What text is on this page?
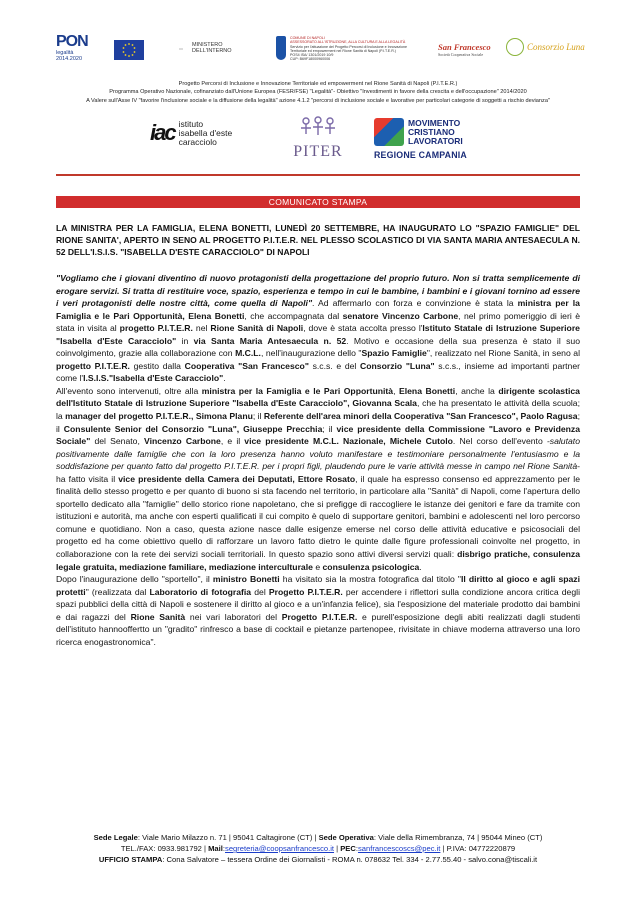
PON
legalità
2014.2020
MINISTERO
DELL'INTERNO
COMUNE DI NAPOLI
ASSESSORATO ALL'ISTRUZIONE, ALLA CULTURA E ALLA LEGALITÀ
Servizio per l'attuazione del Progetto Percorsi di Inclusione e Innovazione
Territoriale ed empowerment nel Rione Sanità di Napoli (P.I.T.E.R.)
POS4 ISA/ 1301/2019 10/9
CUP: B69F18000960006
San Francesco
Società Cooperativa Sociale
Consorzio Luna
Progetto Percorsi di Inclusione e Innovazione Territoriale ed empowerment nel Rione Sanità di Napoli (P.I.T.E.R.)
Programma Operativo Nazionale, cofinanziato dall'Unione Europea (FESR/FSE) "Legalità"- Obiettivo "Investimenti in favore della crescita e dell'occupazione" 2014/2020
A Valere sull'Asse IV "favorire l'inclusione sociale e la diffusione della legalità" azione 4.1.2 "percorsi di inclusione sociale e lavorative per particolari categorie di soggetti a rischio devianza"
iac istituto
isabella d'este
caracciolo
PITER
MOVIMENTO
CRISTIANO
LAVORATORI
REGIONE CAMPANIA
COMUNICATO STAMPA
LA MINISTRA PER LA FAMIGLIA, ELENA BONETTI, LUNEDÌ 20 SETTEMBRE, HA INAUGURATO LO "SPAZIO FAMIGLIE" DEL RIONE SANITA', APERTO IN SENO AL PROGETTO P.I.T.E.R. NEL PLESSO SCOLASTICO DI VIA SANTA MARIA ANTESAECULA N. 52 DELL'I.S.I.S. "ISABELLA D'ESTE CARACCIOLO" DI NAPOLI

"Vogliamo che i giovani diventino di nuovo protagonisti della progettazione del proprio futuro. Non si tratta semplicemente di erogare servizi. Si tratta di restituire voce, spazio, esperienza e tempo in cui le bambine, i bambini e i giovani tornino ad essere i veri protagonisti delle nostre città, come quella di Napoli". Ad affermarlo con forza e convinzione è stata la ministra per la Famiglia e le Pari Opportunità, Elena Bonetti, che accompagnata dal senatore Vincenzo Carbone, nel primo pomeriggio di ieri è stata in visita al progetto P.I.T.E.R. nel Rione Sanità di Napoli, dove è stata accolta presso l'Istituto Statale di Istruzione Superiore "Isabella d'Este Caracciolo" in via Santa Maria Antesaecula n. 52. Motivo e occasione della sua presenza è stato il suo coinvolgimento, grazie alla collaborazione con M.C.L., nell'inaugurazione dello "Spazio Famiglie", realizzato nel Rione Sanità, in seno al progetto P.I.T.E.R. gestito dalla Cooperativa "San Francesco" s.c.s. e del Consorzio "Luna" s.c.s., insieme ad importanti partner come l'I.S.I.S."Isabella d'Este Caracciolo".

All'evento sono intervenuti, oltre alla ministra per la Famiglia e le Pari Opportunità, Elena Bonetti, anche la dirigente scolastica dell'Istituto Statale di Istruzione Superiore "Isabella d'Este Caracciolo", Giovanna Scala, che ha presentato le attività della scuola; la manager del progetto P.I.T.E.R., Simona Planu; il Referente dell'area minori della Cooperativa "San Francesco", Paolo Ragusa; il Consulente Senior del Consorzio "Luna", Giuseppe Precchia; il vice presidente della Commissione "Lavoro e Previdenza Sociale" del Senato, Vincenzo Carbone, e il vice presidente M.C.L. Nazionale, Michele Cutolo. Nel corso dell'evento -salutato positivamente dalle famiglie che con la loro presenza hanno voluto manifestare e testimoniare personalmente l'entusiasmo e la soddisfazione per quanto fatto dal progetto P.I.T.E.R. per i propri figli, plaudendo pure le varie attività messe in campo nel Rione Sanità- ha fatto visita il vice presidente della Camera dei Deputati, Ettore Rosato, il quale ha espresso consenso ed apprezzamento per le finalità dello stesso progetto e per quanto di buono si sta facendo nel territorio, in particolare alla "Sanità" di Napoli, come l'apertura dello sportello dedicato alla "famiglie" dello storico rione napoletano, che si prefigge di raccogliere le istanze dei genitori e fare da tramite con istituzioni e autorità, ma anche con esperti qualificati il cui compito è quelo di supportare genitori, bambini e adolescenti nel loro percorso comune e quotidiano. Non a caso, questa azione nasce dalle esigenze emerse nel corso delle attività educative e psicosociali del progetto ed ha come obiettivo quello di rafforzare un lavoro fatto dietro le quinte dalle figure professionali coinvolte nel progetto, in collaborazione con la rete dei servizi sociali territoriali. In questo spazio sono attivi diversi servizi quali: disbrigo pratiche, consulenza legale gratuita, mediazione familiare, mediazione interculturale e consulenza psicologica.

Dopo l'inaugurazione dello "sportello", il ministro Bonetti ha visitato sia la mostra fotografica dal titolo "Il diritto al gioco e agli spazi protetti" (realizzata dal Laboratorio di fotografia del Progetto P.I.T.E.R. per accendere i riflettori sulla condizione ancora critica degli spazi pubblici della città di Napoli e sostenere il diritto al gioco e a un'infanzia felice), sia l'esposizione del materiale prodotto dai bambini e dai ragazzi del Rione Sanità nei vari laboratori del Progetto P.I.T.E.R. e purell'esposizione degli abiti realizzati dagli studenti dell'istituto hannooffertto un "gradito" rinfresco a base di cocktail e pietanze partenopee, rivisitate in chiave moderna attraverso una loro ricerca enogastronomica".

Sede Legale: Viale Mario Milazzo n. 71 | 95041 Caltagirone (CT) | Sede Operativa: Viale della Rimembranza, 74 | 95044 Mineo (CT)
TEL./FAX: 0933.981792 | Mail:segreteria@coopsanfrancesco.it | PEC:sanfrancescoscs@pec.it | P.IVA: 04772220879
UFFICIO STAMPA: Cona Salvatore – tessera Ordine dei Giornalisti - ROMA n. 078632 Tel. 334 - 2.77.55.40 - salvo.cona@tiscali.it
